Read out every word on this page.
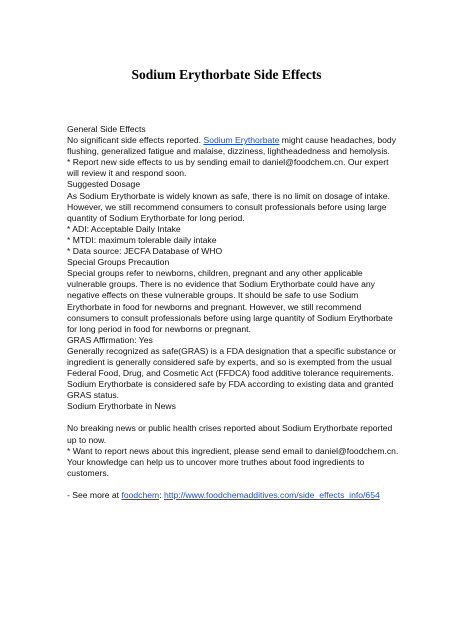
Sodium Erythorbate Side Effects

General Side Effects

No significant side effects reported. Sodium Erythorbate might cause headaches, body flushing, generalized fatigue and malaise, dizziness, lightheadedness and hemolysis.

* Report new side effects to us by sending email to daniel@foodchem.cn. Our expert will review it and respond soon.

Suggested Dosage

As Sodium Erythorbate is widely known as safe, there is no limit on dosage of intake. However, we still recommend consumers to consult professionals before using large quantity of Sodium Erythorbate for long period.

* ADI: Acceptable Daily Intake

* MTDI: maximum tolerable daily intake

* Data source: JECFA Database of WHO

Special Groups Precaution

Special groups refer to newborns, children, pregnant and any other applicable vulnerable groups. There is no evidence that Sodium Erythorbate could have any negative effects on these vulnerable groups. It should be safe to use Sodium Erythorbate in food for newborns and pregnant. However, we still recommend consumers to consult professionals before using large quantity of Sodium Erythorbate for long period in food for newborns or pregnant.

GRAS Affirmation: Yes

Generally recognized as safe(GRAS) is a FDA designation that a specific substance or ingredient is generally considered safe by experts, and so is exempted from the usual Federal Food, Drug, and Cosmetic Act (FFDCA) food additive tolerance requirements. Sodium Erythorbate is considered safe by FDA according to existing data and granted GRAS status.

Sodium Erythorbate in News

No breaking news or public health crises reported about Sodium Erythorbate reported up to now.

* Want to report news about this ingredient, please send email to daniel@foodchem.cn. Your knowledge can help us to uncover more truthes about food ingredients to customers.

- See more at foodchem: http://www.foodchemadditives.com/side_effects_info/654
